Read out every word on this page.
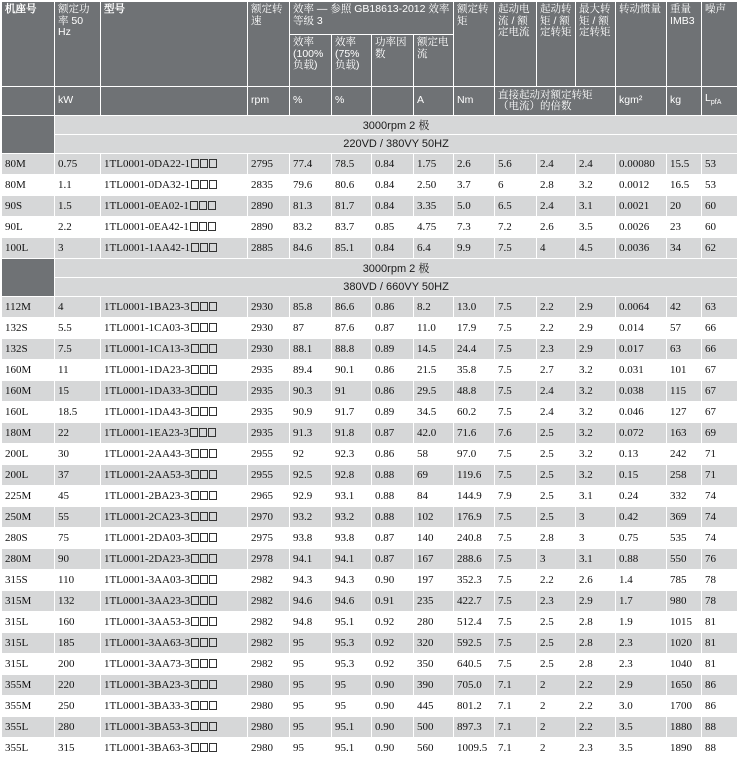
机座号	额定功率 50 Hz	型号	额定转速	效率 — 参照 GB18613-2012 效率等级 3				额定转矩	起动电流 / 额定电流	起动转矩 / 额定转矩	最大转矩 / 额定转矩	转动惯量	重量 IMB3	噪声
				效率 (100% 负载)	效率 (75% 负载)	功率因数	额定电流							
	kW		rpm	%	%		A	Nm	直接起动对额定转矩（电流）的倍数			kgm²	kg	$L_{pfA}$
	3000rpm 2 极													
	220VD / 380VY 50HZ													
80M	0.75	1TL0001-0DA22-1	2795	77.4	78.5	0.84	1.75	2.6	5.6	2.4	2.4	0.00080	15.5	53
80M	1.1	1TL0001-0DA32-1	2835	79.6	80.6	0.84	2.50	3.7	6	2.8	3.2	0.0012	16.5	53
90S	1.5	1TL0001-0EA02-1	2890	81.3	81.7	0.84	3.35	5.0	6.5	2.4	3.1	0.0021	20	60
90L	2.2	1TL0001-0EA42-1	2890	83.2	83.7	0.85	4.75	7.3	7.2	2.6	3.5	0.0026	23	60
100L	3	1TL0001-1AA42-1	2885	84.6	85.1	0.84	6.4	9.9	7.5	4	4.5	0.0036	34	62
	3000rpm 2 极													
	380VD / 660VY 50HZ													
112M	4	1TL0001-1BA23-3	2930	85.8	86.6	0.86	8.2	13.0	7.5	2.2	2.9	0.0064	42	63
132S	5.5	1TL0001-1CA03-3	2930	87	87.6	0.87	11.0	17.9	7.5	2.2	2.9	0.014	57	66
132S	7.5	1TL0001-1CA13-3	2930	88.1	88.8	0.89	14.5	24.4	7.5	2.3	2.9	0.017	63	66
160M	11	1TL0001-1DA23-3	2935	89.4	90.1	0.86	21.5	35.8	7.5	2.7	3.2	0.031	101	67
160M	15	1TL0001-1DA33-3	2935	90.3	91	0.86	29.5	48.8	7.5	2.4	3.2	0.038	115	67
160L	18.5	1TL0001-1DA43-3	2935	90.9	91.7	0.89	34.5	60.2	7.5	2.4	3.2	0.046	127	67
180M	22	1TL0001-1EA23-3	2935	91.3	91.8	0.87	42.0	71.6	7.6	2.5	3.2	0.072	163	69
200L	30	1TL0001-2AA43-3	2955	92	92.3	0.86	58	97.0	7.5	2.5	3.2	0.13	242	71
200L	37	1TL0001-2AA53-3	2955	92.5	92.8	0.88	69	119.6	7.5	2.5	3.2	0.15	258	71
225M	45	1TL0001-2BA23-3	2965	92.9	93.1	0.88	84	144.9	7.9	2.5	3.1	0.24	332	74
250M	55	1TL0001-2CA23-3	2970	93.2	93.2	0.88	102	176.9	7.5	2.5	3	0.42	369	74
280S	75	1TL0001-2DA03-3	2975	93.8	93.8	0.87	140	240.8	7.5	2.8	3	0.75	535	74
280M	90	1TL0001-2DA23-3	2978	94.1	94.1	0.87	167	288.6	7.5	3	3.1	0.88	550	76
315S	110	1TL0001-3AA03-3	2982	94.3	94.3	0.90	197	352.3	7.5	2.2	2.6	1.4	785	78
315M	132	1TL0001-3AA23-3	2982	94.6	94.6	0.91	235	422.7	7.5	2.3	2.9	1.7	980	78
315L	160	1TL0001-3AA53-3	2982	94.8	95.1	0.92	280	512.4	7.5	2.5	2.8	1.9	1015	81
315L	185	1TL0001-3AA63-3	2982	95	95.3	0.92	320	592.5	7.5	2.5	2.8	2.3	1020	81
315L	200	1TL0001-3AA73-3	2982	95	95.3	0.92	350	640.5	7.5	2.5	2.8	2.3	1040	81
355M	220	1TL0001-3BA23-3	2980	95	95	0.90	390	705.0	7.1	2	2.2	2.9	1650	86
355M	250	1TL0001-3BA33-3	2980	95	95	0.90	445	801.2	7.1	2	2.2	3.0	1700	86
355L	280	1TL0001-3BA53-3	2980	95	95.1	0.90	500	897.3	7.1	2	2.2	3.5	1880	88
355L	315	1TL0001-3BA63-3	2980	95	95.1	0.90	560	1009.5	7.1	2	2.3	3.5	1890	88
